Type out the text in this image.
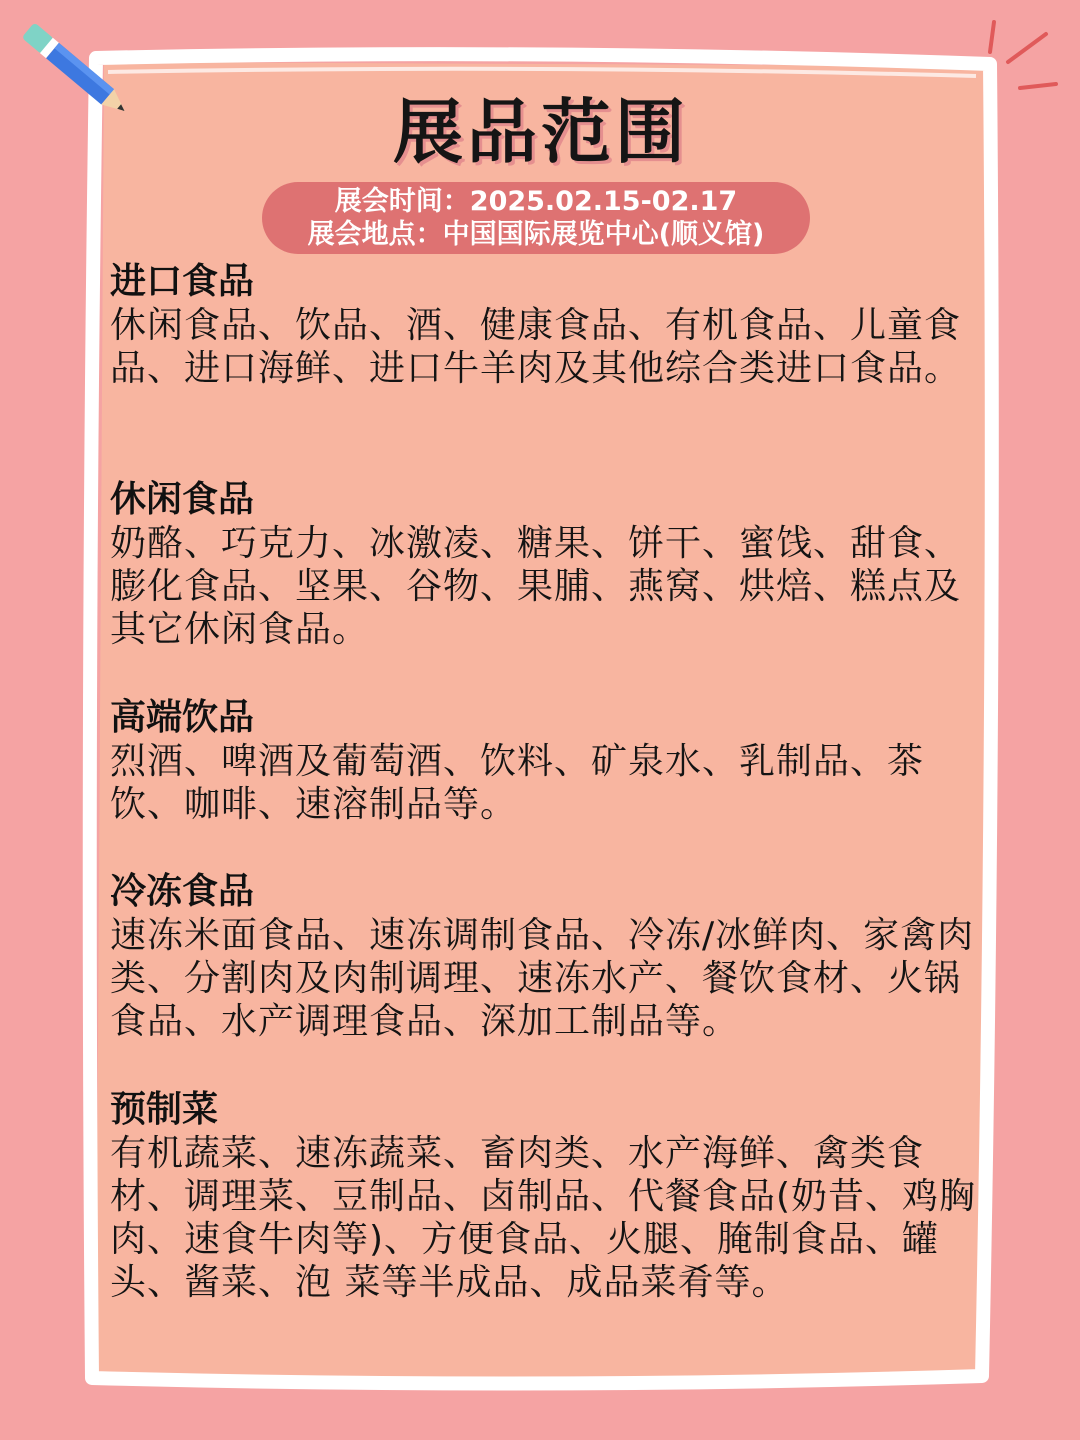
展品范围
展会时间：2025.02.15-02.17
展会地点：中国国际展览中心(顺义馆)
进口食品
休闲食品、饮品、酒、健康食品、有机食品、儿童食品、进口海鲜、进口牛羊肉及其他综合类进口食品。
休闲食品
奶酪、巧克力、冰激凌、糖果、饼干、蜜饯、甜食、膨化食品、坚果、谷物、果脯、燕窝、烘焙、糕点及其它休闲食品。
高端饮品
烈酒、啤酒及葡萄酒、饮料、矿泉水、乳制品、茶饮、咖啡、速溶制品等。
冷冻食品
速冻米面食品、速冻调制食品、冷冻/冰鲜肉、家禽肉类、分割肉及肉制调理、速冻水产、餐饮食材、火锅食品、水产调理食品、深加工制品等。
预制菜
有机蔬菜、速冻蔬菜、畜肉类、水产海鲜、禽类食材、调理菜、豆制品、卤制品、代餐食品(奶昔、鸡胸肉、速食牛肉等)、方便食品、火腿、腌制食品、罐头、酱菜、泡 菜等半成品、成品菜肴等。
